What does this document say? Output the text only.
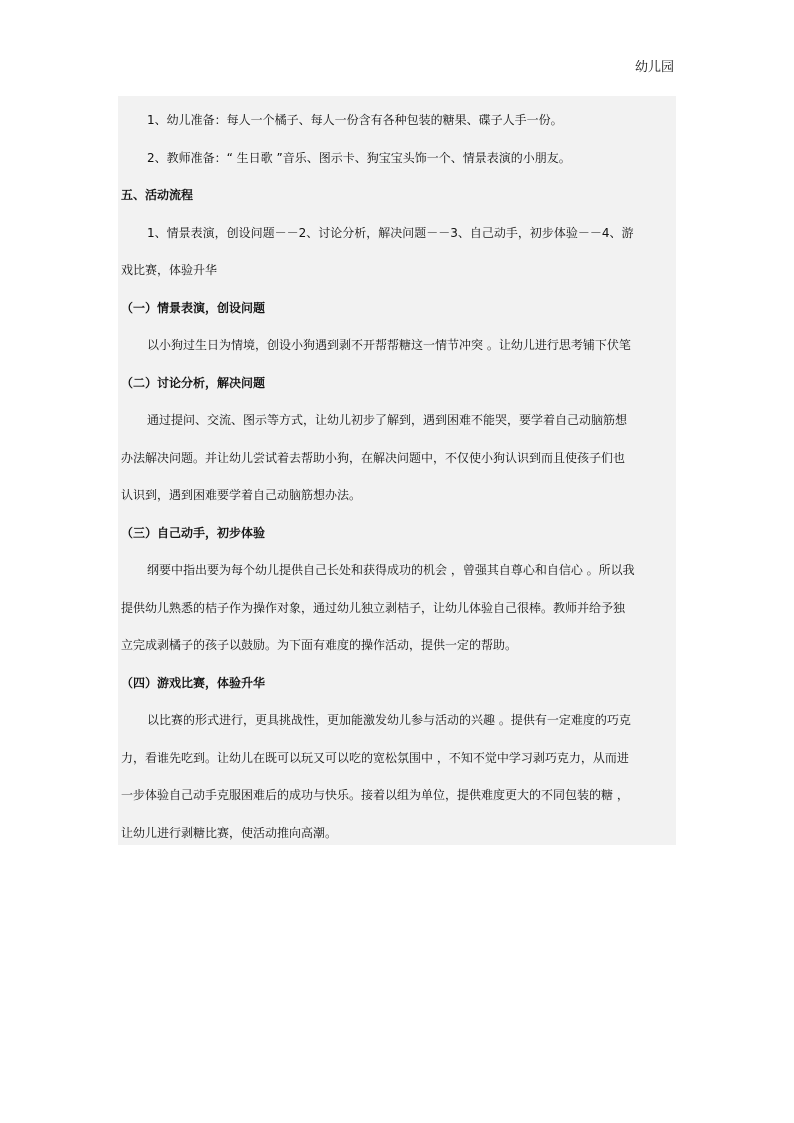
幼儿园
1、幼儿准备：每人一个橘子、每人一份含有各种包装的糖果、碟子人手一份。
2、教师准备：“ 生日歌 ”音乐、图示卡、狗宝宝头饰一个、情景表演的小朋友。
五、活动流程
1、情景表演，创设问题－－2、讨论分析，解决问题－－3、自己动手，初步体验－－4、游
戏比赛，体验升华
（一）情景表演，创设问题
以小狗过生日为情境，创设小狗遇到剥不开帮帮糖这一情节冲突 。让幼儿进行思考铺下伏笔
（二）讨论分析，解决问题
通过提问、交流、图示等方式，让幼儿初步了解到，遇到困难不能哭，要学着自己动脑筋想
办法解决问题。并让幼儿尝试着去帮助小狗，在解决问题中，不仅使小狗认识到而且使孩子们也
认识到，遇到困难要学着自己动脑筋想办法。
（三）自己动手，初步体验
纲要中指出要为每个幼儿提供自己长处和获得成功的机会 ，曾强其自尊心和自信心 。所以我
提供幼儿熟悉的桔子作为操作对象，通过幼儿独立剥桔子，让幼儿体验自己很棒。教师并给予独
立完成剥橘子的孩子以鼓励。为下面有难度的操作活动，提供一定的帮助。
（四）游戏比赛，体验升华
以比赛的形式进行，更具挑战性，更加能激发幼儿参与活动的兴趣 。提供有一定难度的巧克
力，看谁先吃到。让幼儿在既可以玩又可以吃的宽松氛围中 ，不知不觉中学习剥巧克力，从而进
一步体验自己动手克服困难后的成功与快乐。接着以组为单位，提供难度更大的不同包装的糖 ，
让幼儿进行剥糖比赛，使活动推向高潮。
